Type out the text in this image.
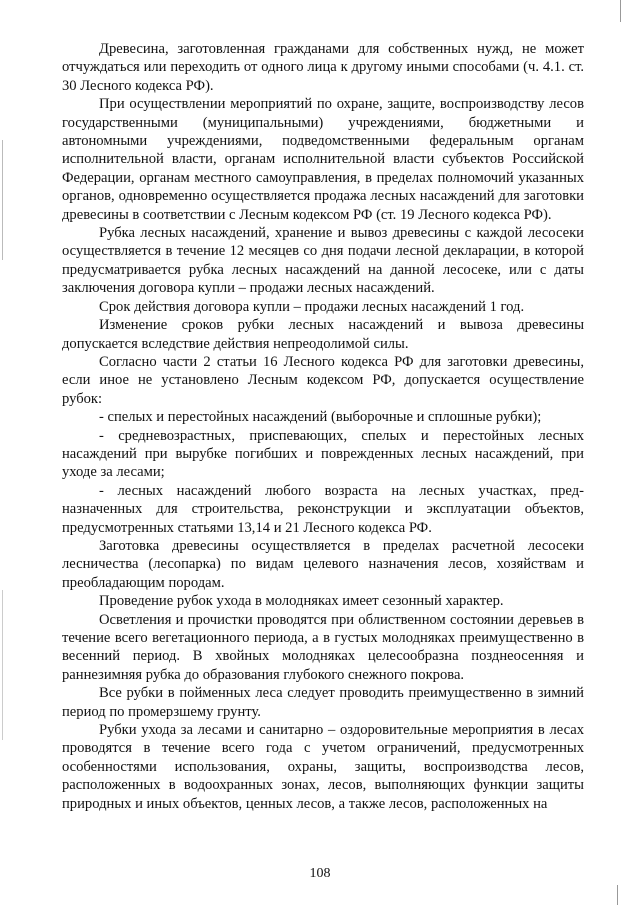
Древесина, заготовленная гражданами для собственных нужд, не может отчуждаться или переходить от одного лица к другому иными способами (ч. 4.1. ст. 30 Лесного кодекса РФ).

При осуществлении мероприятий по охране, защите, воспроизводству лесов государственными (муниципальными) учреждениями, бюджетными и автономными учреждениями, подведомственными федеральным органам исполнительной власти, органам исполнительной власти субъектов Российской Федерации, органам местного самоуправления, в пределах полномочий указанных органов, одновременно осуществляется продажа лесных насаждений для заготовки древесины в соответствии с Лесным кодексом РФ (ст. 19 Лесного кодекса РФ).

Рубка лесных насаждений, хранение и вывоз древесины с каждой лесосеки осуществляется в течение 12 месяцев со дня подачи лесной декларации, в которой предусматривается рубка лесных насаждений на данной лесосеке, или с даты заключения договора купли – продажи лесных насаждений.

Срок действия договора купли – продажи лесных насаждений 1 год.

Изменение сроков рубки лесных насаждений и вывоза древесины допускается вследствие действия непреодолимой силы.

Согласно части 2 статьи 16 Лесного кодекса РФ для заготовки древесины, если иное не установлено Лесным кодексом РФ, допускается осуществление рубок:

- спелых и перестойных насаждений (выборочные и сплошные рубки);

- средневозрастных, приспевающих, спелых и перестойных лесных насаждений при вырубке погибших и поврежденных лесных насаждений, при уходе за лесами;

- лесных насаждений любого возраста на лесных участках, пред-назначенных для строительства, реконструкции и эксплуатации объектов, предусмотренных статьями 13,14 и 21 Лесного кодекса РФ.

Заготовка древесины осуществляется в пределах расчетной лесосеки лесничества (лесопарка) по видам целевого назначения лесов, хозяйствам и преобладающим породам.

Проведение рубок ухода в молодняках имеет сезонный характер.

Осветления и прочистки проводятся при облиственном состоянии деревьев в течение всего вегетационного периода, а в густых молодняках преимущественно в весенний период. В хвойных молодняках целесообразна позднеосенняя и раннезимняя рубка до образования глубокого снежного покрова.

Все рубки в пойменных леса следует проводить преимущественно в зимний период по промерзшему грунту.

Рубки ухода за лесами и санитарно – оздоровительные мероприятия в лесах проводятся в течение всего года с учетом ограничений, предусмотренных особенностями использования, охраны, защиты, воспроизводства лесов, расположенных в водоохранных зонах, лесов, выполняющих функции защиты природных и иных объектов, ценных лесов, а также лесов, расположенных на

108
